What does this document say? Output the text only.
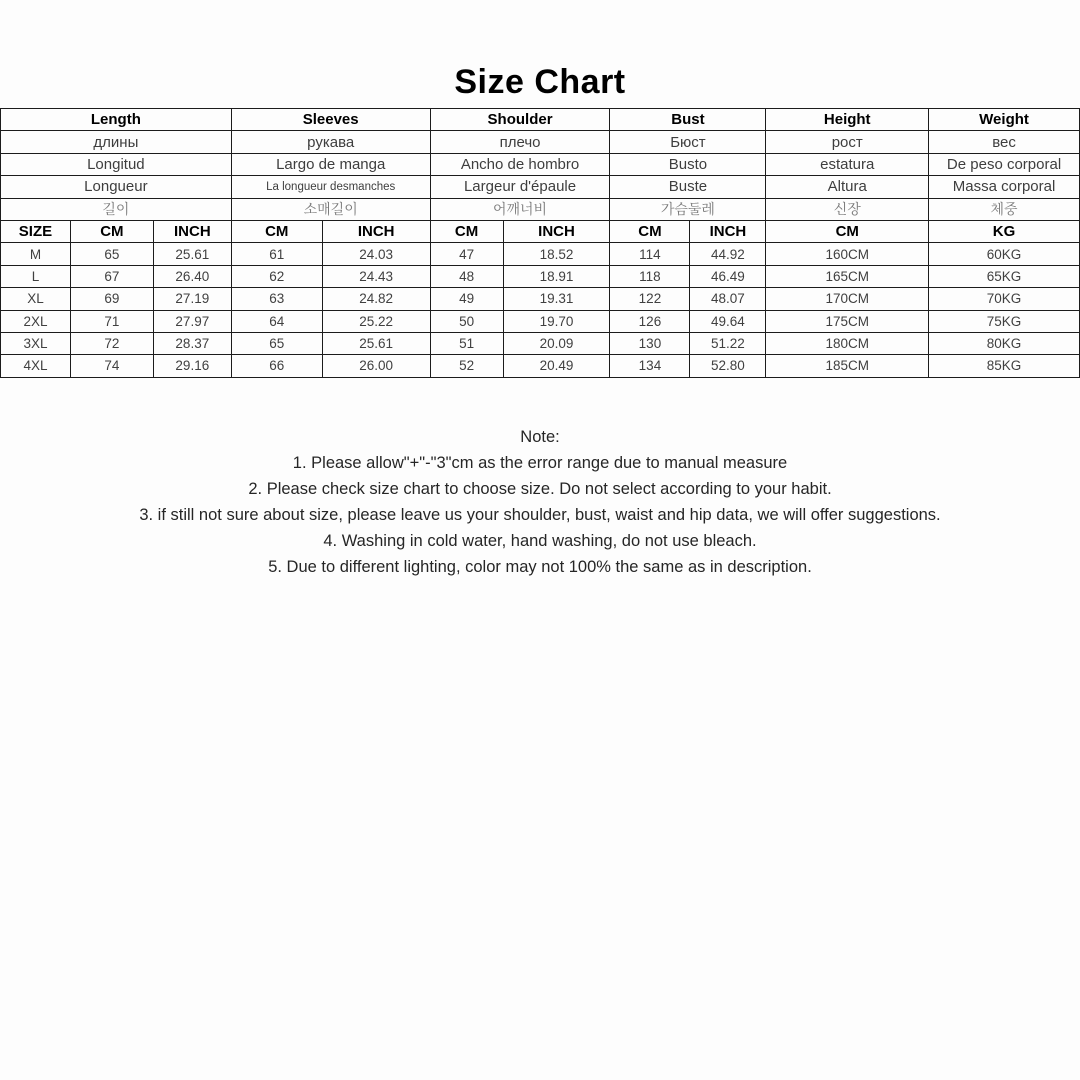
Size Chart
Length			Sleeves		Shoulder		Bust		Height	Weight
длины			рукава		плечо		Бюст		рост	вес
Longitud			Largo de manga		Ancho de hombro		Busto		estatura	De peso corporal
Longueur			La longueur desmanches		Largeur d'épaule		Buste		Altura	Massa corporal
길이			소매길이		어깨너비		가슴둘레		신장	체중
SIZE	CM	INCH	CM	INCH	CM	INCH	CM	INCH	CM	KG
M	65	25.61	61	24.03	47	18.52	114	44.92	160CM	60KG
L	67	26.40	62	24.43	48	18.91	118	46.49	165CM	65KG
XL	69	27.19	63	24.82	49	19.31	122	48.07	170CM	70KG
2XL	71	27.97	64	25.22	50	19.70	126	49.64	175CM	75KG
3XL	72	28.37	65	25.61	51	20.09	130	51.22	180CM	80KG
4XL	74	29.16	66	26.00	52	20.49	134	52.80	185CM	85KG
Note:
1. Please allow"+"-"3"cm as the error range due to manual measure
2. Please check size chart to choose size. Do not select according to your habit.
3. if still not sure about size, please leave us your shoulder, bust, waist and hip data, we will offer suggestions.
4. Washing in cold water, hand washing, do not use bleach.
5. Due to different lighting, color may not 100% the same as in description.
